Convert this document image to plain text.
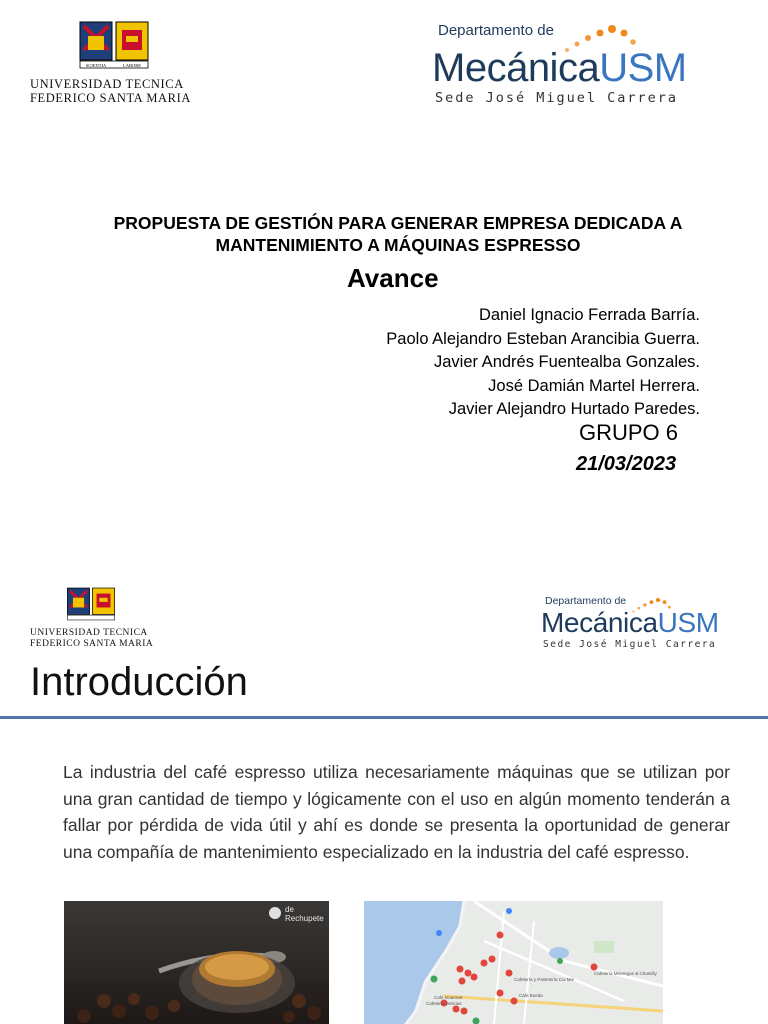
SCIENTIA	LABORE
UNIVERSIDAD TECNICA
FEDERICO SANTA MARIA
Departamento de
MecánicaUSM
Sede José Miguel Carrera
PROPUESTA DE GESTIÓN PARA GENERAR EMPRESA DEDICADA A
MANTENIMIENTO A MÁQUINAS ESPRESSO
Avance
Daniel Ignacio Ferrada Barría.
Paolo Alejandro Esteban Arancibia Guerra.
Javier Andrés Fuentealba Gonzales.
José Damián Martel Herrera.
Javier Alejandro Hurtado Paredes.
GRUPO 6
21/03/2023
UNIVERSIDAD TECNICA
FEDERICO SANTA MARIA
Departamento de
MecánicaUSM
Sede José Miguel Carrera
Introducción
La industria del café espresso utiliza necesariamente máquinas que se utilizan por una gran cantidad de tiempo y lógicamente con el uso en algún momento tenderán a fallar por pérdida de vida útil y ahí es donde se presenta la oportunidad de generar una compañía de mantenimiento especializado en la industria del café espresso.
de Rechupete
Cafetería Merengue & Chantilly
Café Gourmet
Cafetería y Pastelería Cui Mie
Café Boeda
Cafetería Delicias
